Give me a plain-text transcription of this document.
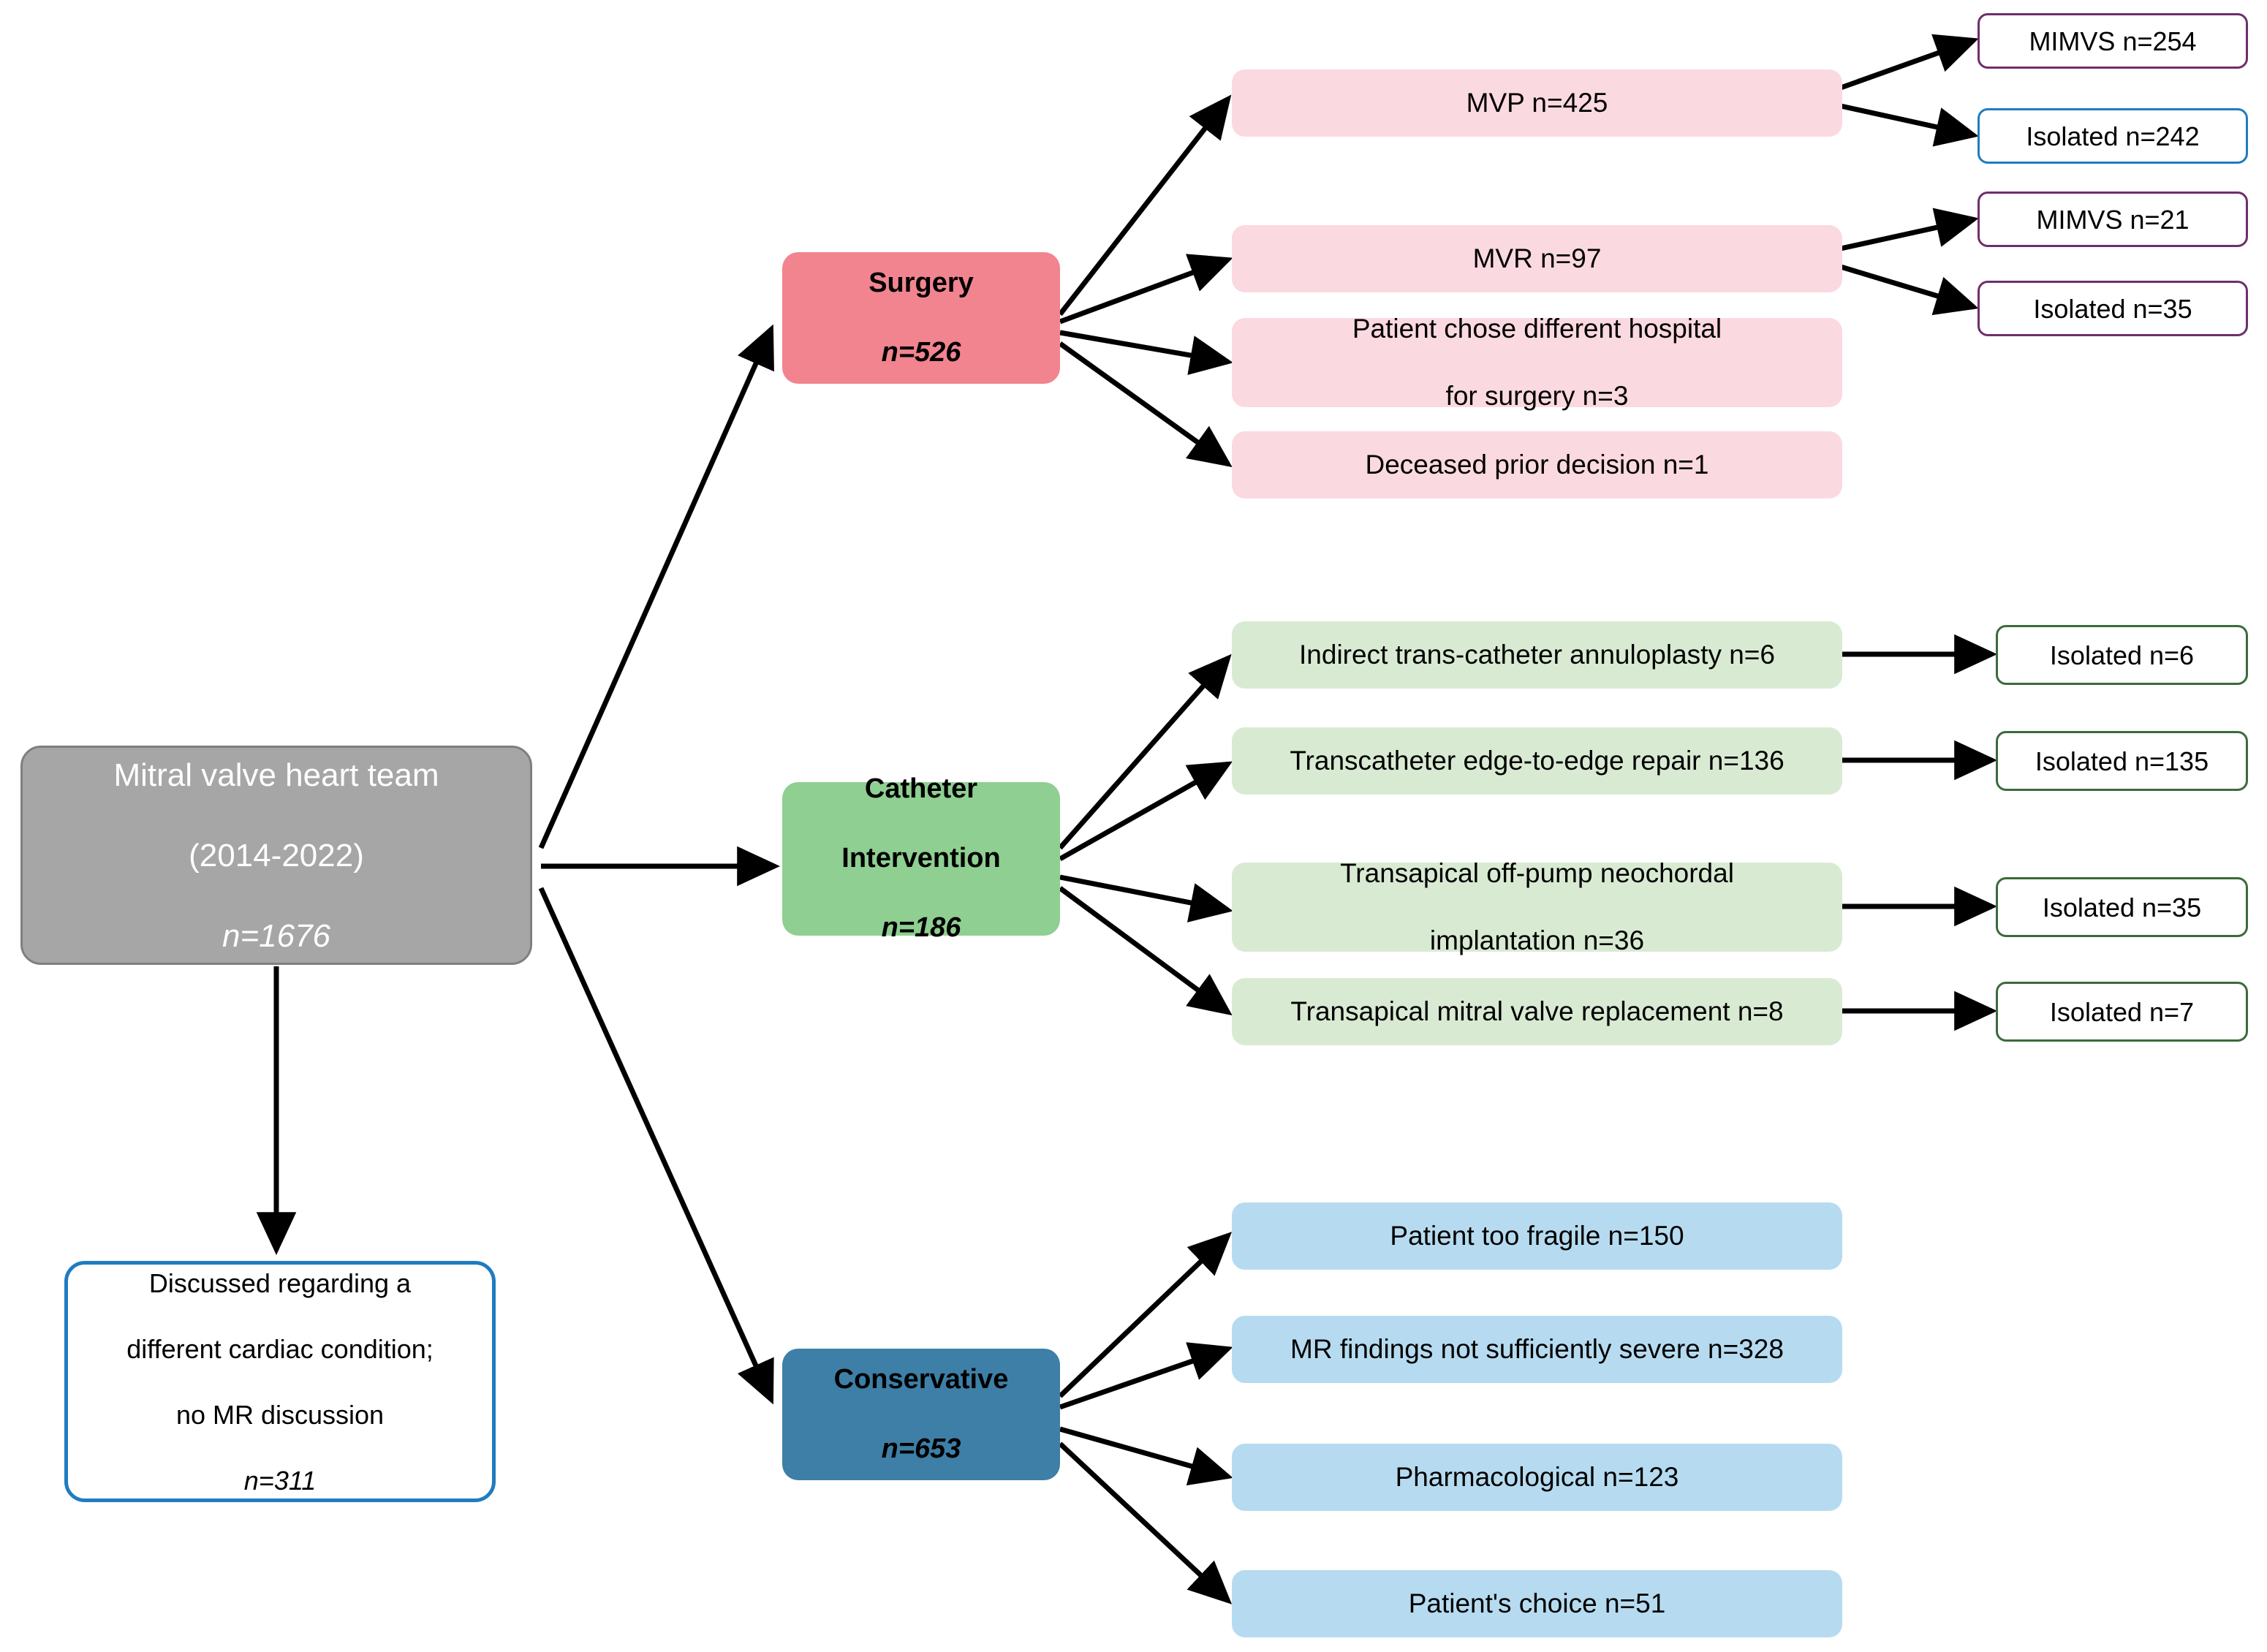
Mitral valve heart team

(2014-2022)

n=1676
Discussed regarding a

different cardiac condition;

no MR discussion

n=311
Surgery

n=526
Catheter

Intervention

n=186
Conservative

n=653
MVP n=425
MVR n=97
Patient chose different hospital

for surgery n=3
Deceased prior decision n=1
MIMVS n=254
Isolated n=242
MIMVS n=21
Isolated n=35
Indirect trans-catheter annuloplasty n=6
Transcatheter edge-to-edge repair n=136
Transapical off-pump neochordal

implantation n=36
Transapical mitral valve replacement n=8
Isolated n=6
Isolated n=135
Isolated n=35
Isolated n=7
Patient too fragile n=150
MR findings not sufficiently severe n=328
Pharmacological n=123
Patient's choice n=51
